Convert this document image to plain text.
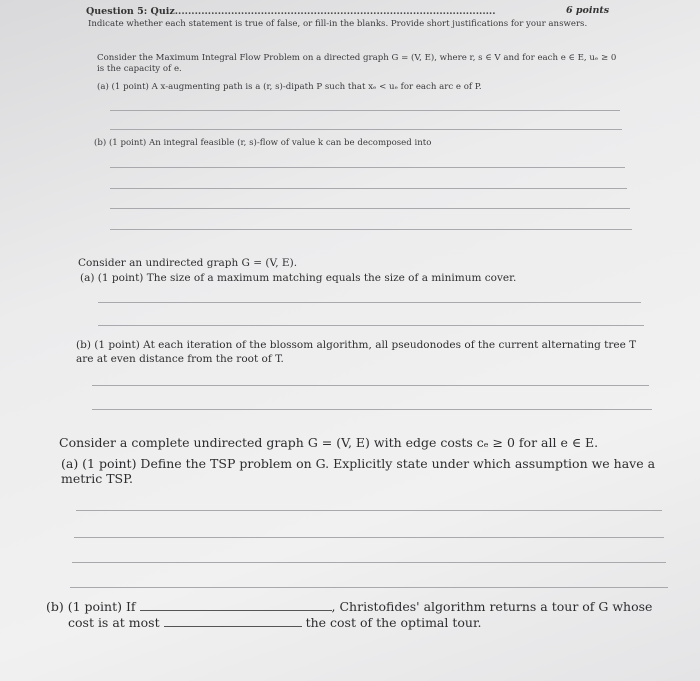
Question 5: Quiz.................................................................................................	6 points
Indicate whether each statement is true of false, or fill-in the blanks. Provide short justifications for your answers.
Consider the Maximum Integral Flow Problem on a directed graph G = (V, E), where r, s ∈ V and for each e ∈ E, uₑ ≥ 0 is the capacity of e.
(a) (1 point) A x-augmenting path is a (r, s)-dipath P such that xₑ < uₑ for each arc e of P.
(b) (1 point) An integral feasible (r, s)-flow of value k can be decomposed into
Consider an undirected graph G = (V, E).
(a) (1 point) The size of a maximum matching equals the size of a minimum cover.
(b) (1 point) At each iteration of the blossom algorithm, all pseudonodes of the current alternating tree T are at even distance from the root of T.
Consider a complete undirected graph G = (V, E) with edge costs cₑ ≥ 0 for all e ∈ E.
(a) (1 point) Define the TSP problem on G. Explicitly state under which assumption we have a metric TSP.
(b) (1 point) If	, Christofides' algorithm returns a tour of G whose
cost is at most	the cost of the optimal tour.
